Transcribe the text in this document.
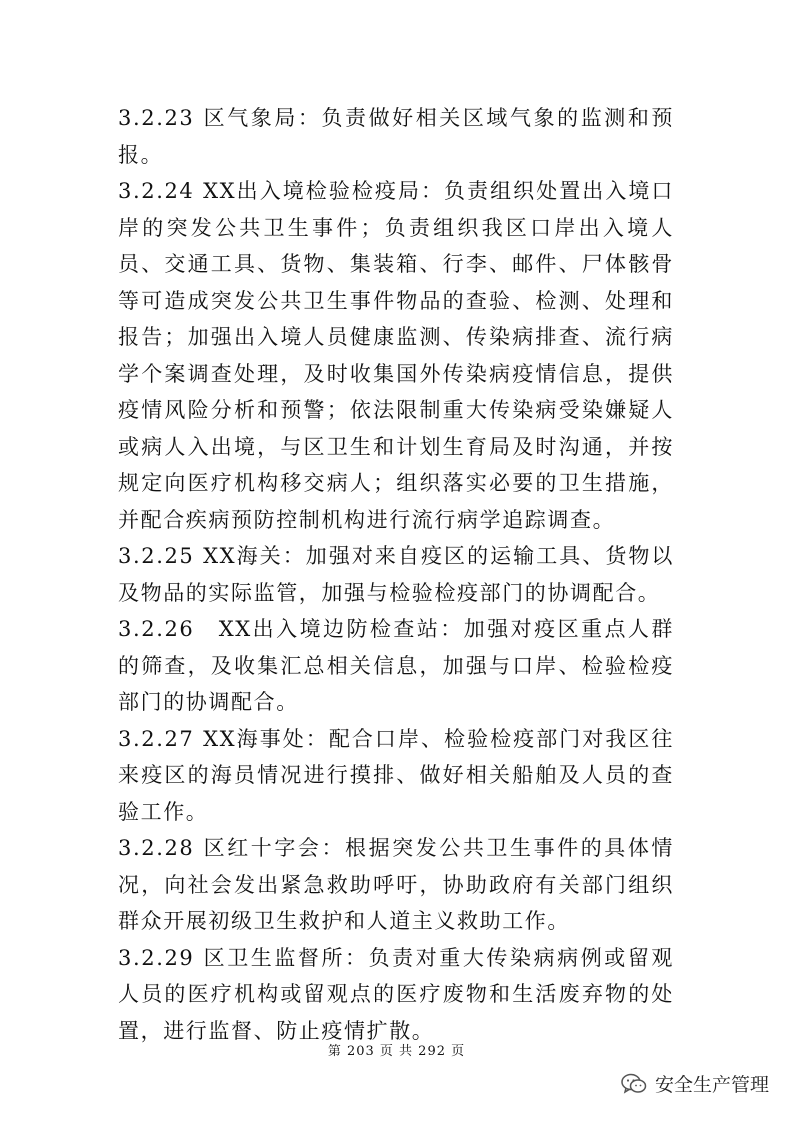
3.2.23 区气象局：负责做好相关区域气象的监测和预报。

3.2.24 XX出入境检验检疫局：负责组织处置出入境口岸的突发公共卫生事件；负责组织我区口岸出入境人员、交通工具、货物、集装箱、行李、邮件、尸体骸骨等可造成突发公共卫生事件物品的查验、检测、处理和报告；加强出入境人员健康监测、传染病排查、流行病学个案调查处理，及时收集国外传染病疫情信息，提供疫情风险分析和预警；依法限制重大传染病受染嫌疑人或病人入出境，与区卫生和计划生育局及时沟通，并按规定向医疗机构移交病人；组织落实必要的卫生措施，并配合疾病预防控制机构进行流行病学追踪调查。

3.2.25 XX海关：加强对来自疫区的运输工具、货物以及物品的实际监管，加强与检验检疫部门的协调配合。

3.2.26　XX出入境边防检查站：加强对疫区重点人群的筛查，及收集汇总相关信息，加强与口岸、检验检疫部门的协调配合。

3.2.27 XX海事处：配合口岸、检验检疫部门对我区往来疫区的海员情况进行摸排、做好相关船舶及人员的查验工作。

3.2.28 区红十字会：根据突发公共卫生事件的具体情况，向社会发出紧急救助呼吁，协助政府有关部门组织群众开展初级卫生救护和人道主义救助工作。

3.2.29 区卫生监督所：负责对重大传染病病例或留观人员的医疗机构或留观点的医疗废物和生活废弃物的处置，进行监督、防止疫情扩散。

第 203 页 共 292 页
安全生产管理
